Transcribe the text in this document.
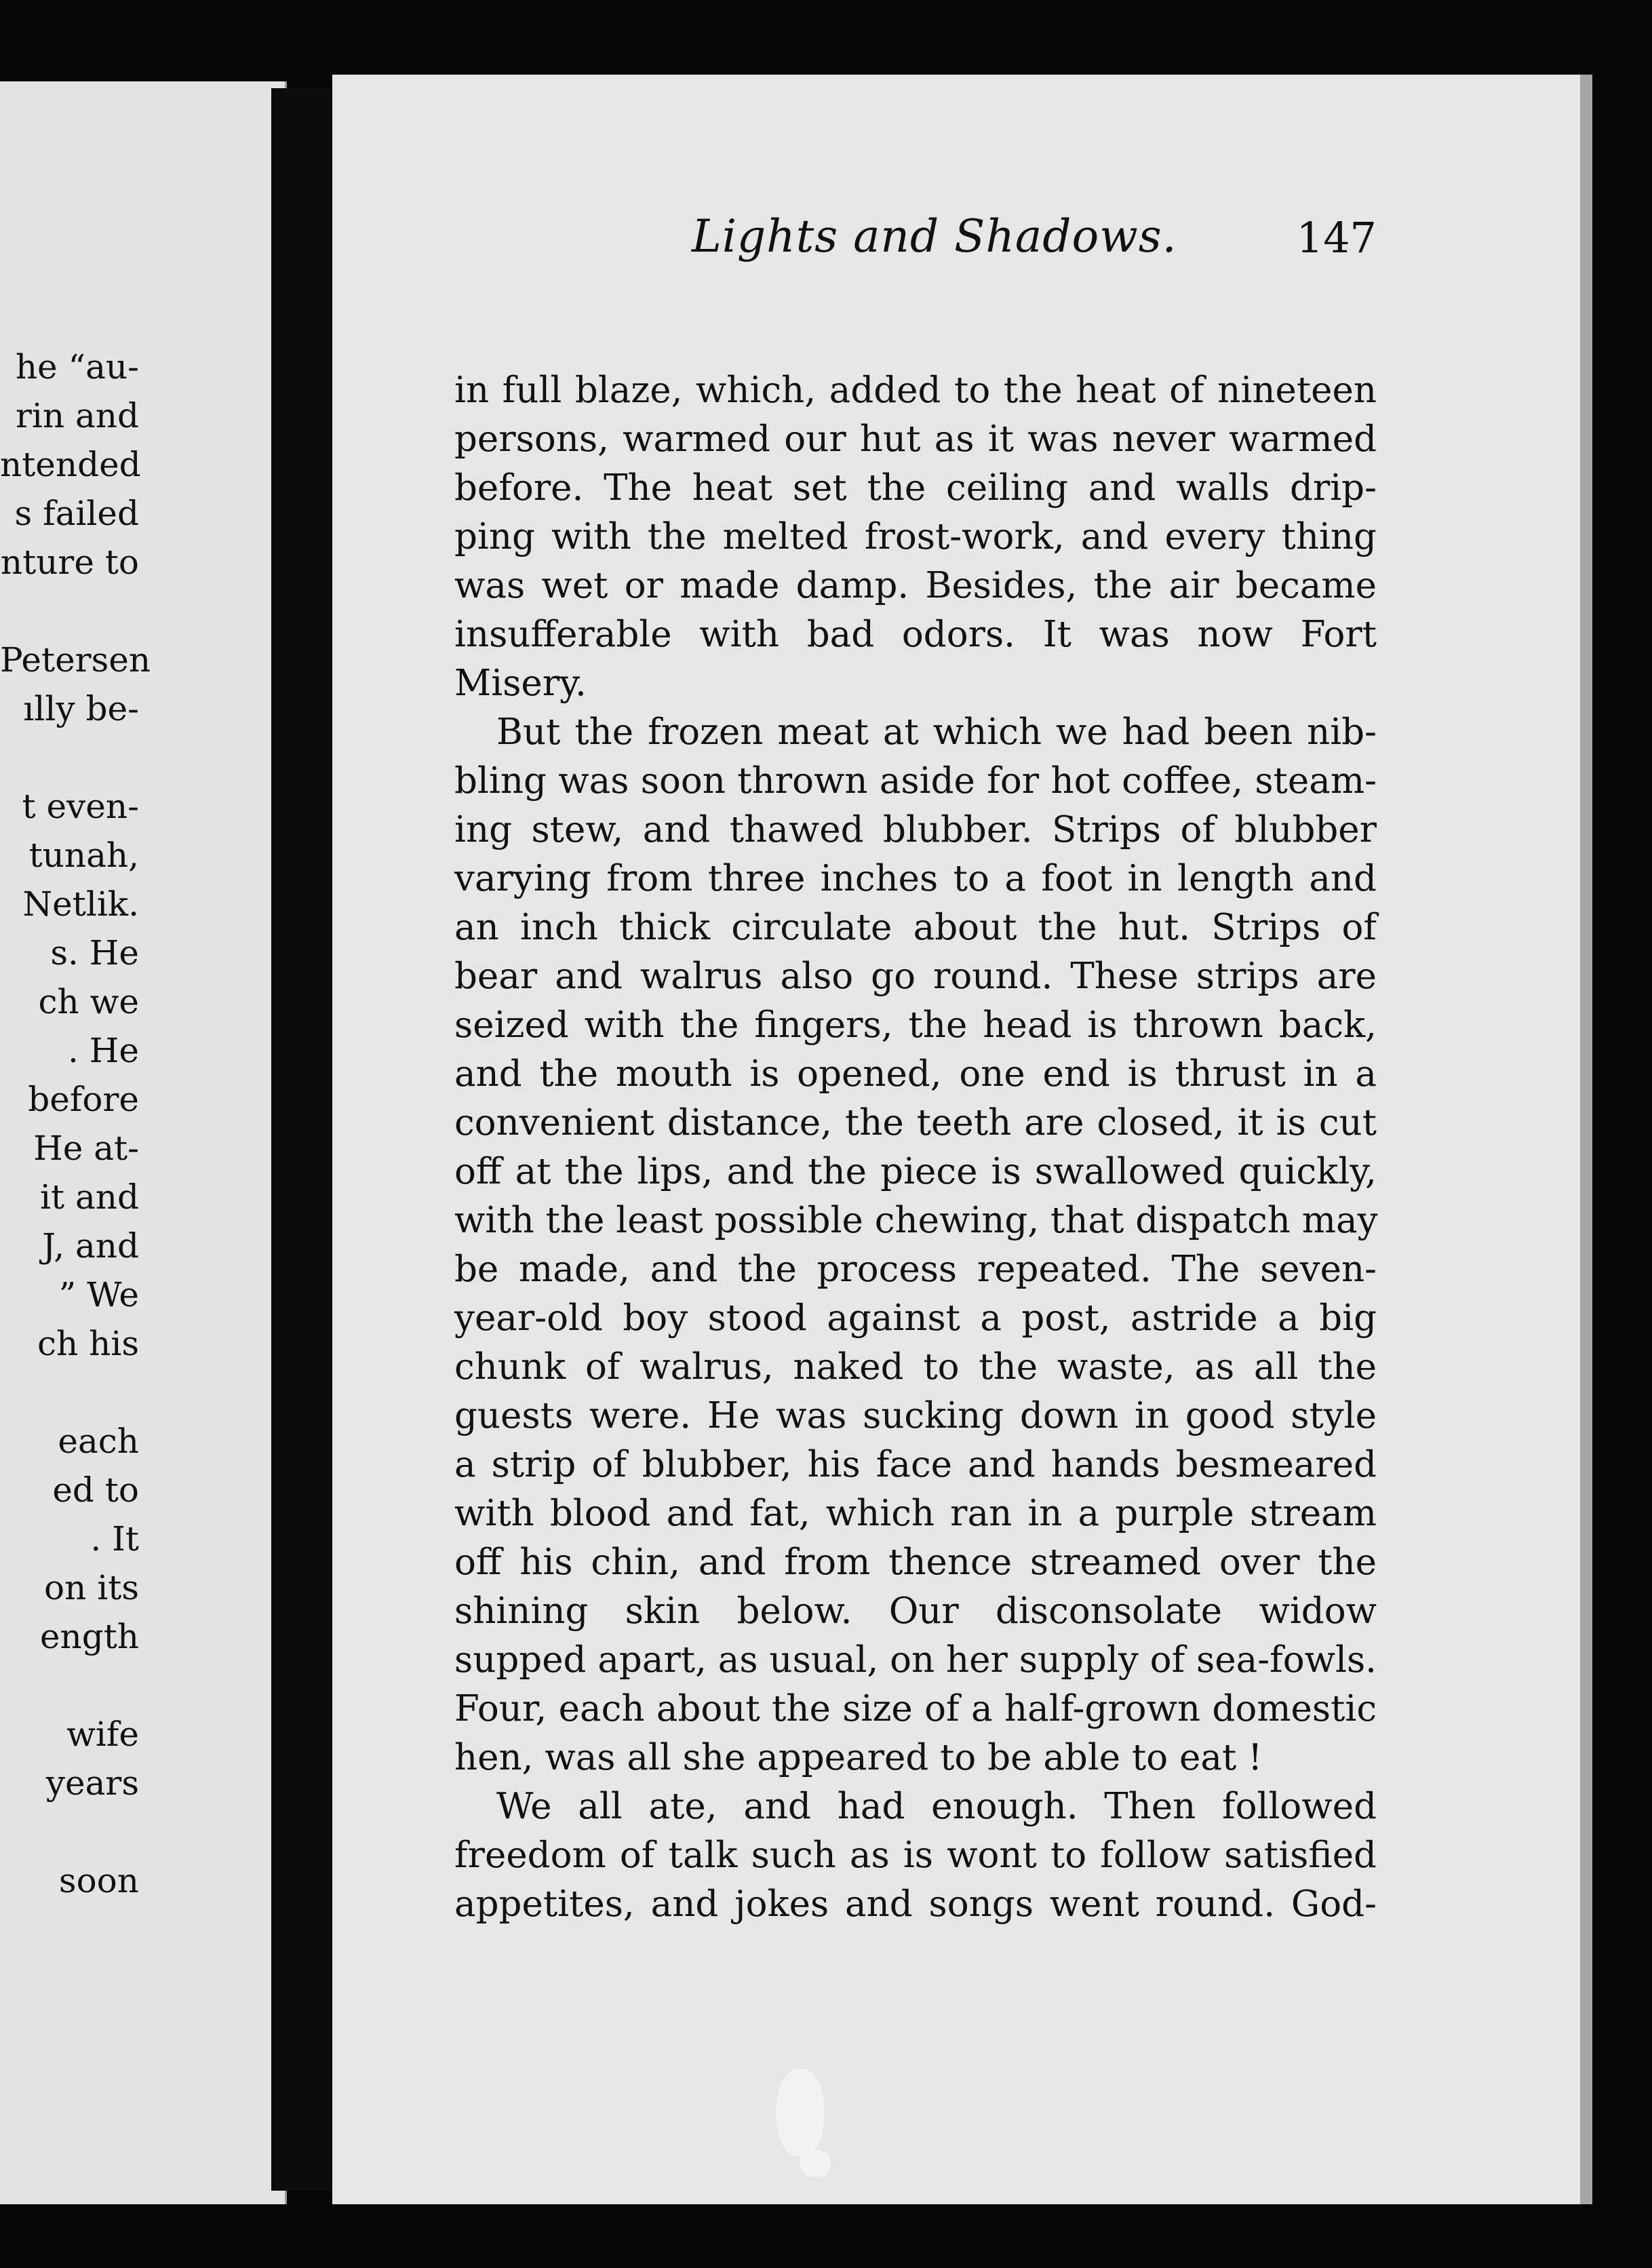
he “au-
rin and
ntended
s failed
nture to
Petersen
ılly be-
t even-
tunah,
Netlik.
s. He
ch we
. He
before
He at-
it and
J, and
” We
ch his
each
ed to
. It
on its
ength
wife
years
soon
Lights and Shadows.	147
in full blaze, which, added to the heat of nineteen
persons, warmed our hut as it was never warmed
before. The heat set the ceiling and walls drip-
ping with the melted frost-work, and every thing
was wet or made damp. Besides, the air became
insufferable with bad odors. It was now Fort
Misery.
But the frozen meat at which we had been nib-
bling was soon thrown aside for hot coffee, steam-
ing stew, and thawed blubber. Strips of blubber
varying from three inches to a foot in length and
an inch thick circulate about the hut. Strips of
bear and walrus also go round. These strips are
seized with the fingers, the head is thrown back,
and the mouth is opened, one end is thrust in a
convenient distance, the teeth are closed, it is cut
off at the lips, and the piece is swallowed quickly,
with the least possible chewing, that dispatch may
be made, and the process repeated. The seven-
year-old boy stood against a post, astride a big
chunk of walrus, naked to the waste, as all the
guests were. He was sucking down in good style
a strip of blubber, his face and hands besmeared
with blood and fat, which ran in a purple stream
off his chin, and from thence streamed over the
shining skin below. Our disconsolate widow
supped apart, as usual, on her supply of sea-fowls.
Four, each about the size of a half-grown domestic
hen, was all she appeared to be able to eat !
We all ate, and had enough. Then followed
freedom of talk such as is wont to follow satisfied
appetites, and jokes and songs went round. God-
